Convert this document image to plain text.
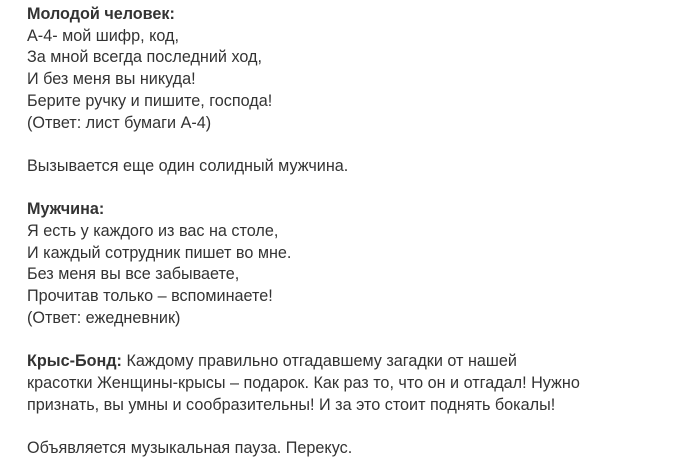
Молодой человек:
А-4- мой шифр, код,
За мной всегда последний ход,
И без меня вы никуда!
Берите ручку и пишите, господа!
(Ответ: лист бумаги А-4)
Вызывается еще один солидный мужчина.
Мужчина:
Я есть у каждого из вас на столе,
И каждый сотрудник пишет во мне.
Без меня вы все забываете,
Прочитав только – вспоминаете!
(Ответ: ежедневник)
Крыс-Бонд: Каждому правильно отгадавшему загадки от нашей
красотки Женщины-крысы – подарок. Как раз то, что он и отгадал! Нужно
признать, вы умны и сообразительны! И за это стоит поднять бокалы!
Объявляется музыкальная пауза. Перекус.
